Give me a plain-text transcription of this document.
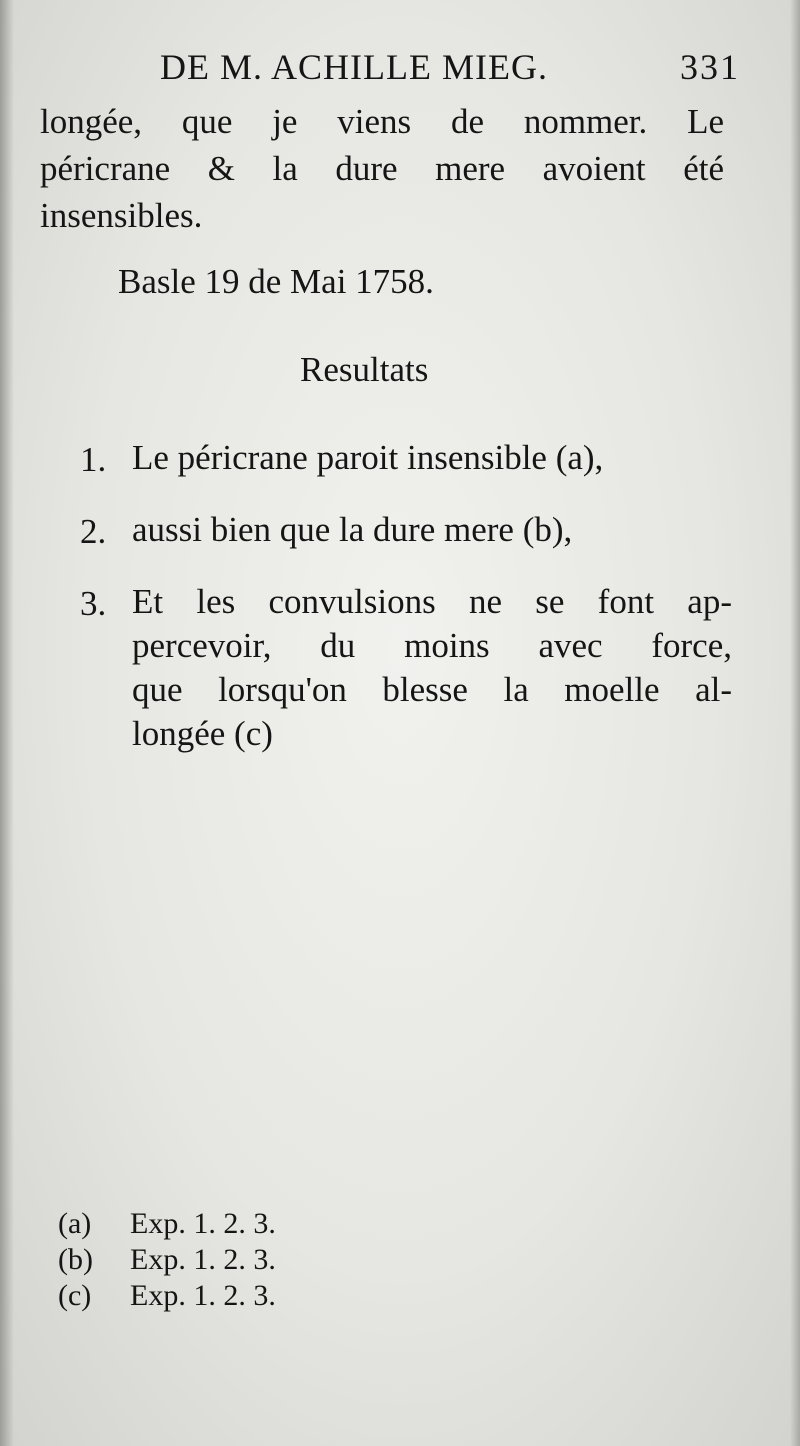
DE M. ACHILLE MIEG.	331
longée, que je viens de nommer. Le
péricrane & la dure mere avoient été
insensibles.
Basle 19 de Mai 1758.
Resultats
1. Le péricrane paroit insensible (a),
2. aussi bien que la dure mere (b),
3. Et les convulsions ne se font ap-
percevoir, du moins avec force,
que lorsqu'on blesse la moelle al-
longée (c)
(a) Exp. 1. 2. 3.
(b) Exp. 1. 2. 3.
(c) Exp. 1. 2. 3.
